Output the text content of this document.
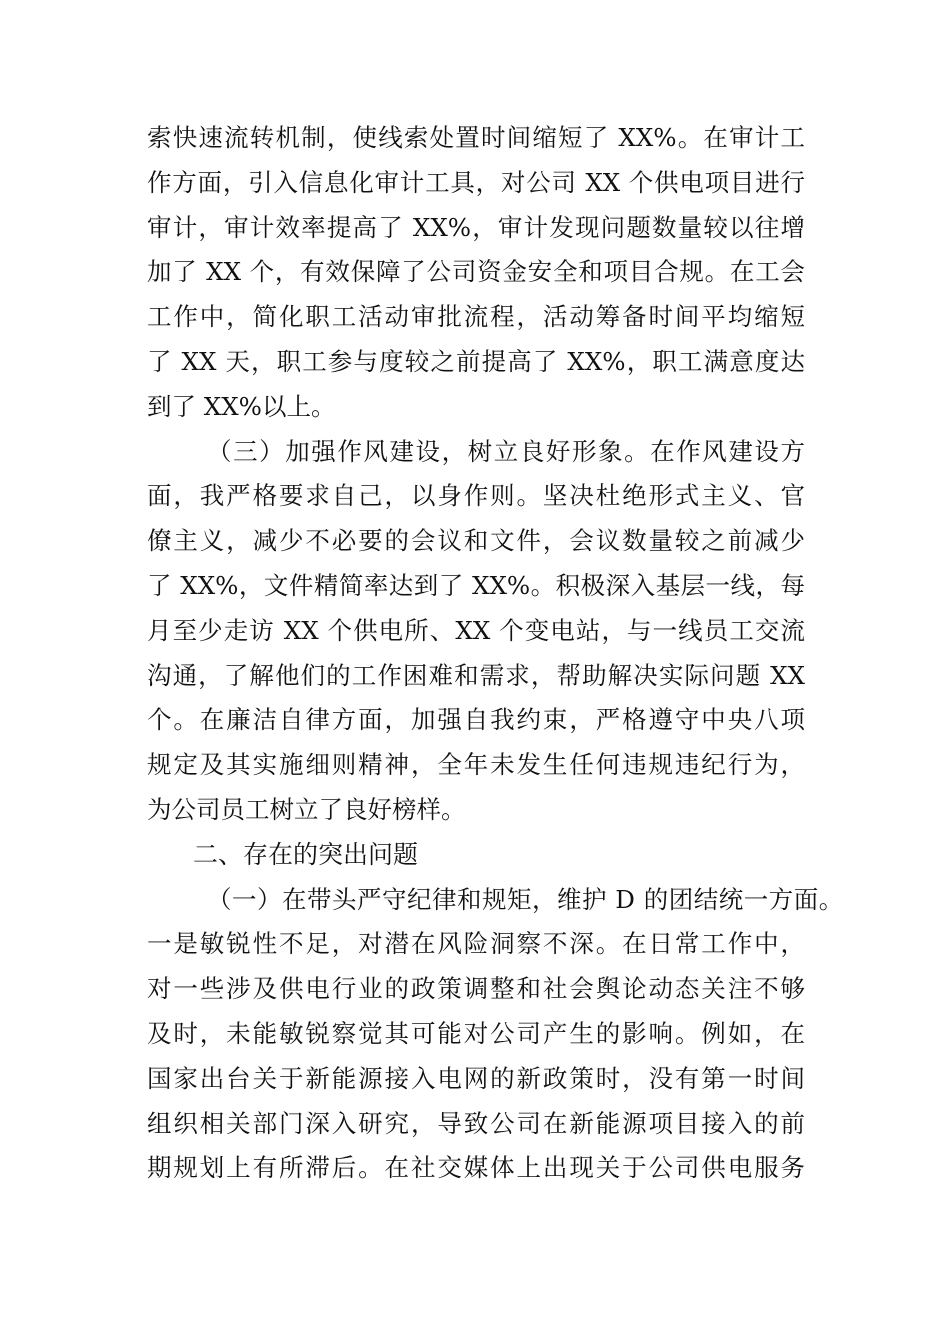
索快速流转机制，使线索处置时间缩短了 XX%。在审计工
作方面，引入信息化审计工具，对公司 XX 个供电项目进行
审计，审计效率提高了 XX%，审计发现问题数量较以往增
加了 XX 个，有效保障了公司资金安全和项目合规。在工会
工作中，简化职工活动审批流程，活动筹备时间平均缩短
了 XX 天，职工参与度较之前提高了 XX%，职工满意度达
到了 XX%以上。
（三）加强作风建设，树立良好形象。在作风建设方
面，我严格要求自己，以身作则。坚决杜绝形式主义、官
僚主义，减少不必要的会议和文件，会议数量较之前减少
了 XX%，文件精简率达到了 XX%。积极深入基层一线，每
月至少走访 XX 个供电所、XX 个变电站，与一线员工交流
沟通，了解他们的工作困难和需求，帮助解决实际问题 XX
个。在廉洁自律方面，加强自我约束，严格遵守中央八项
规定及其实施细则精神，全年未发生任何违规违纪行为，
为公司员工树立了良好榜样。
二、存在的突出问题
（一）在带头严守纪律和规矩，维护 D 的团结统一方面。
一是敏锐性不足，对潜在风险洞察不深。在日常工作中，
对一些涉及供电行业的政策调整和社会舆论动态关注不够
及时，未能敏锐察觉其可能对公司产生的影响。例如，在
国家出台关于新能源接入电网的新政策时，没有第一时间
组织相关部门深入研究，导致公司在新能源项目接入的前
期规划上有所滞后。在社交媒体上出现关于公司供电服务
